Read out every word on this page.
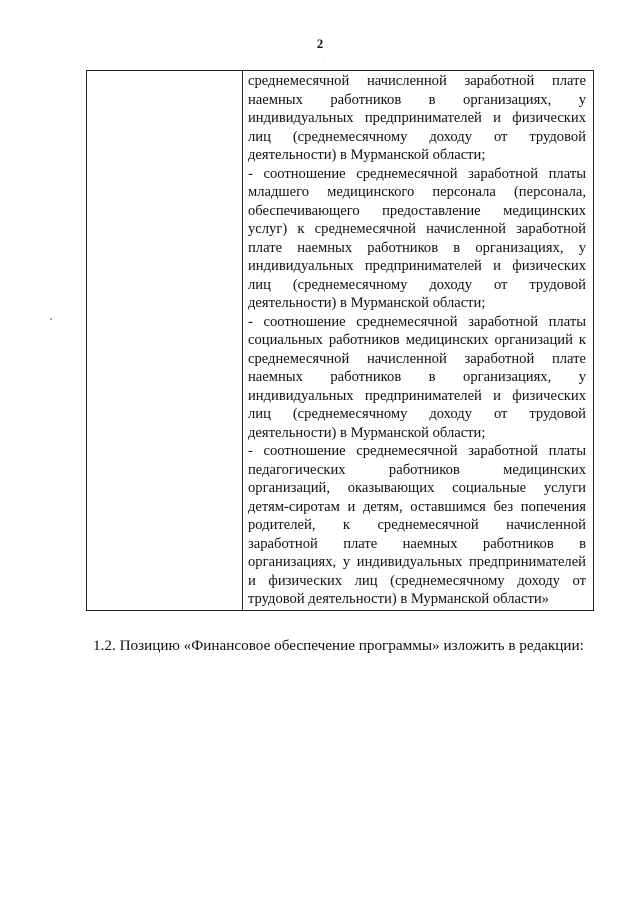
2
`

среднемесячной начисленной заработной плате наемных работников в организациях, у индивидуальных предпринимателей и физических лиц (среднемесячному доходу от трудовой деятельности) в Мурманской области;

- соотношение среднемесячной заработной платы младшего медицинского персонала (персонала, обеспечивающего предоставление медицинских услуг) к среднемесячной начисленной заработной плате наемных работников в организациях, у индивидуальных предпринимателей и физических лиц (среднемесячному доходу от трудовой деятельности) в Мурманской области;

- соотношение среднемесячной заработной платы социальных работников медицинских организаций к среднемесячной начисленной заработной плате наемных работников в организациях, у индивидуальных предпринимателей и физических лиц (среднемесячному доходу от трудовой деятельности) в Мурманской области;

- соотношение среднемесячной заработной платы педагогических работников медицинских организаций, оказывающих социальные услуги детям-сиротам и детям, оставшимся без попечения родителей, к среднемесячной начисленной заработной плате наемных работников в организациях, у индивидуальных предпринимателей и физических лиц (среднемесячному доходу от трудовой деятельности) в Мурманской области»

1.2. Позицию «Финансовое обеспечение программы» изложить в редакции:
